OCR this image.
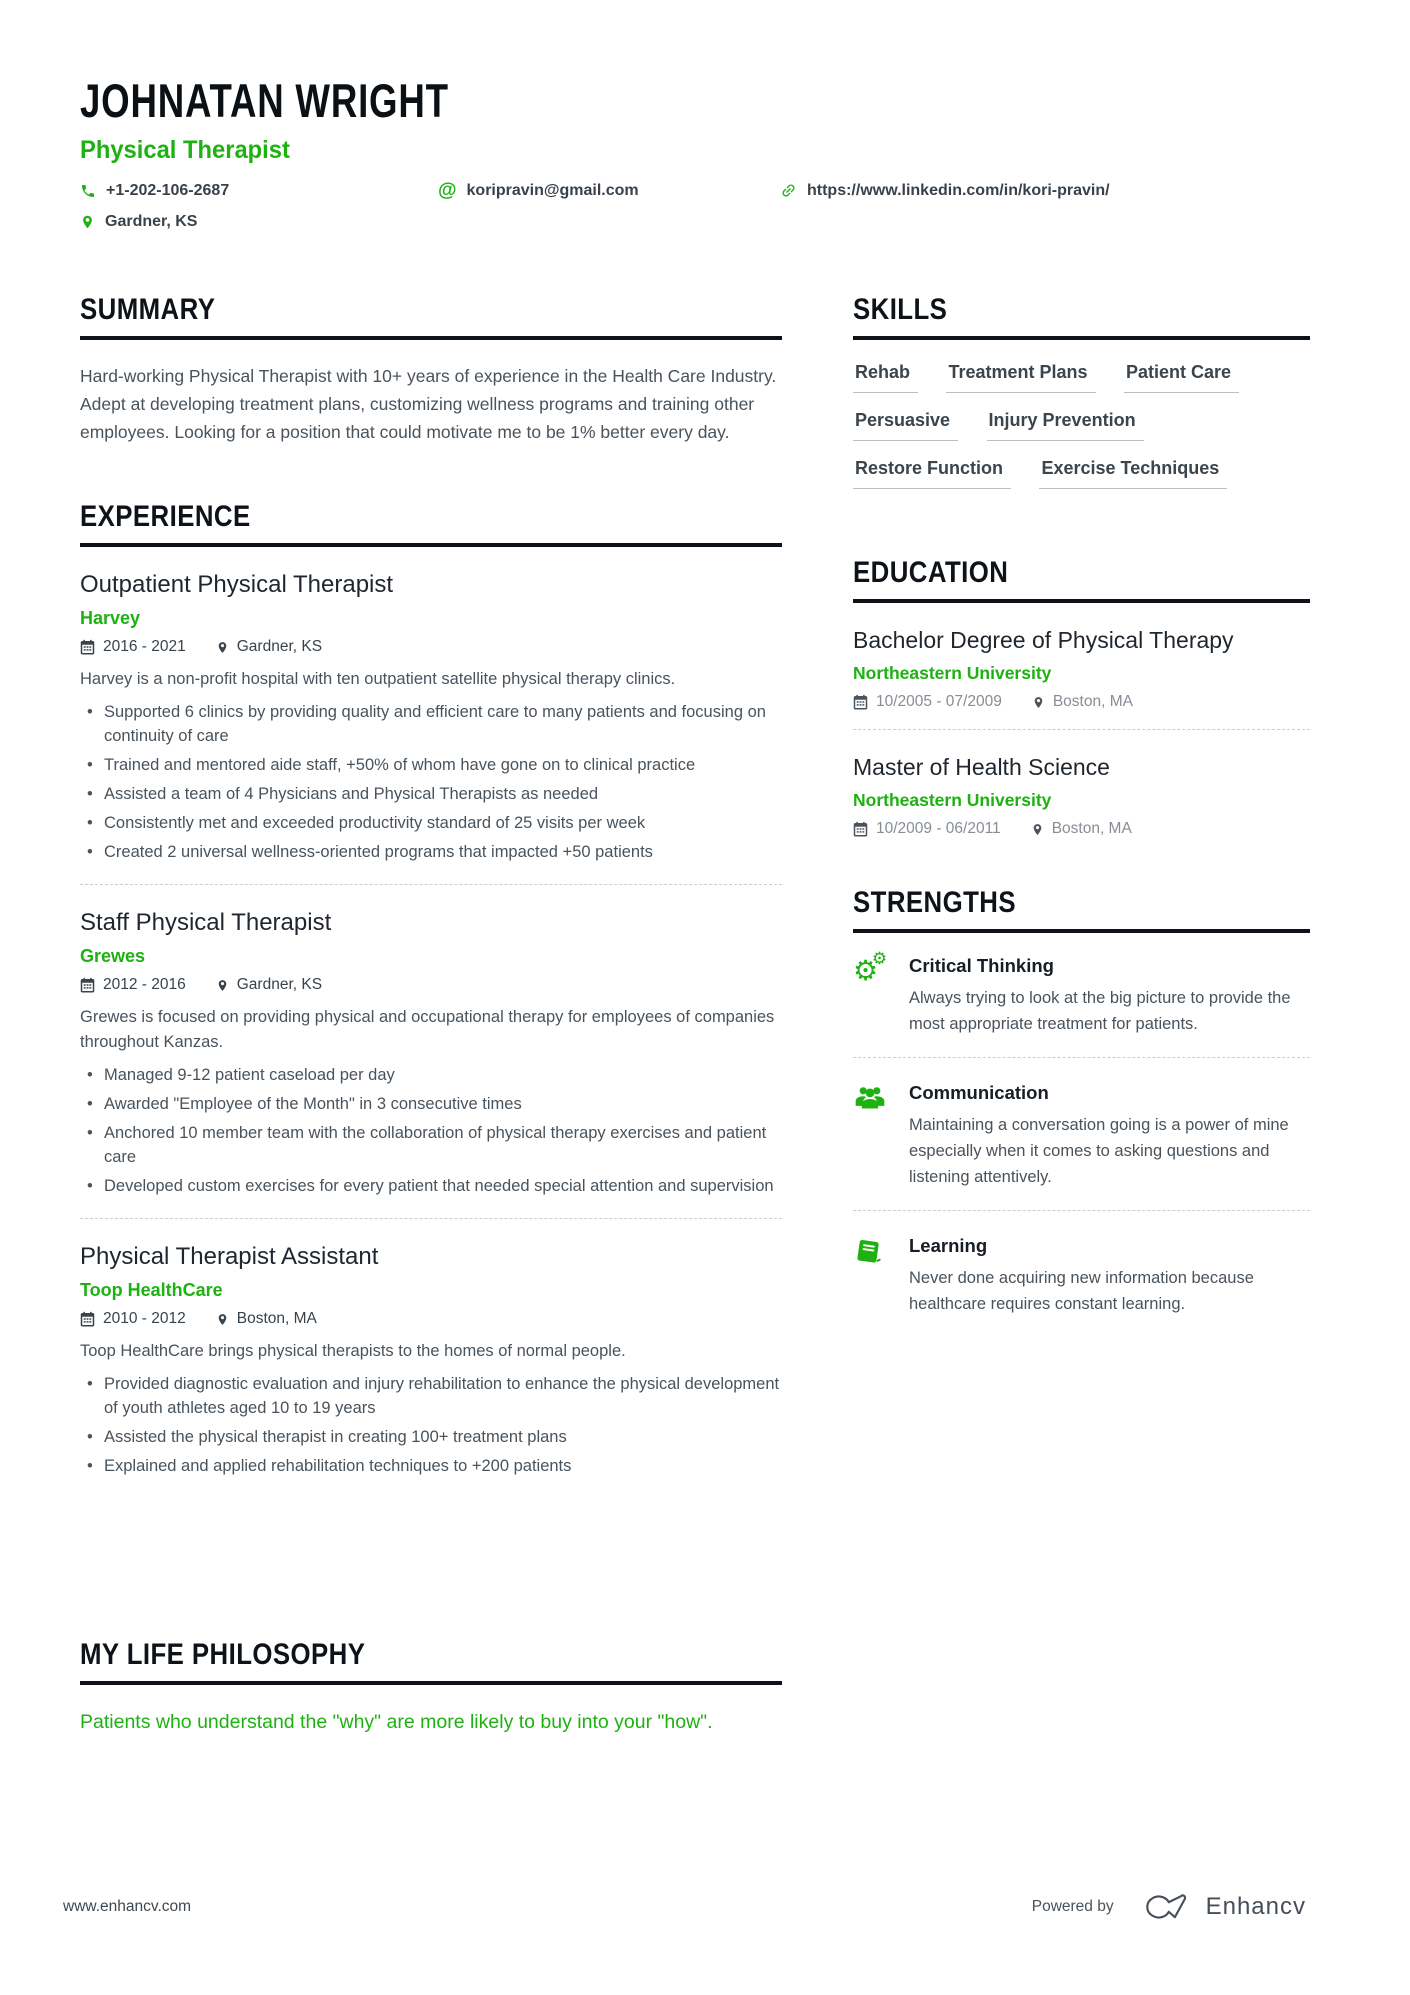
JOHNATAN WRIGHT
Physical Therapist
+1-202-106-2687	@ koripravin@gmail.com	https://www.linkedin.com/in/kori-pravin/
Gardner, KS
SUMMARY

Hard-working Physical Therapist with 10+ years of experience in the Health Care Industry. Adept at developing treatment plans, customizing wellness programs and training other employees. Looking for a position that could motivate me to be 1% better every day.

EXPERIENCE
Outpatient Physical Therapist
Harvey
2016 - 2021	Gardner, KS

Harvey is a non-profit hospital with ten outpatient satellite physical therapy clinics.

• Supported 6 clinics by providing quality and efficient care to many patients and focusing on continuity of care
• Trained and mentored aide staff, +50% of whom have gone on to clinical practice
• Assisted a team of 4 Physicians and Physical Therapists as needed
• Consistently met and exceeded productivity standard of 25 visits per week
• Created 2 universal wellness-oriented programs that impacted +50 patients
Staff Physical Therapist
Grewes
2012 - 2016	Gardner, KS

Grewes is focused on providing physical and occupational therapy for employees of companies throughout Kanzas.

• Managed 9-12 patient caseload per day
• Awarded "Employee of the Month" in 3 consecutive times
• Anchored 10 member team with the collaboration of physical therapy exercises and patient care
• Developed custom exercises for every patient that needed special attention and supervision
Physical Therapist Assistant
Toop HealthCare
2010 - 2012	Boston, MA

Toop HealthCare brings physical therapists to the homes of normal people.

• Provided diagnostic evaluation and injury rehabilitation to enhance the physical development of youth athletes aged 10 to 19 years
• Assisted the physical therapist in creating 100+ treatment plans
• Explained and applied rehabilitation techniques to +200 patients
MY LIFE PHILOSOPHY

Patients who understand the "why" are more likely to buy into your "how".

SKILLS
Rehab Treatment Plans Patient Care Persuasive Injury Prevention Restore Function Exercise Techniques
EDUCATION
Bachelor Degree of Physical Therapy
Northeastern University
10/2005 - 07/2009	Boston, MA
Master of Health Science
Northeastern University
10/2009 - 06/2011	Boston, MA
STRENGTHS
⚙
⚙ Critical Thinking

Always trying to look at the big picture to provide the most appropriate treatment for patients.

Communication

Maintaining a conversation going is a power of mine especially when it comes to asking questions and listening attentively.

Learning

Never done acquiring new information because healthcare requires constant learning.

www.enhancv.com	Powered by	Enhancv
